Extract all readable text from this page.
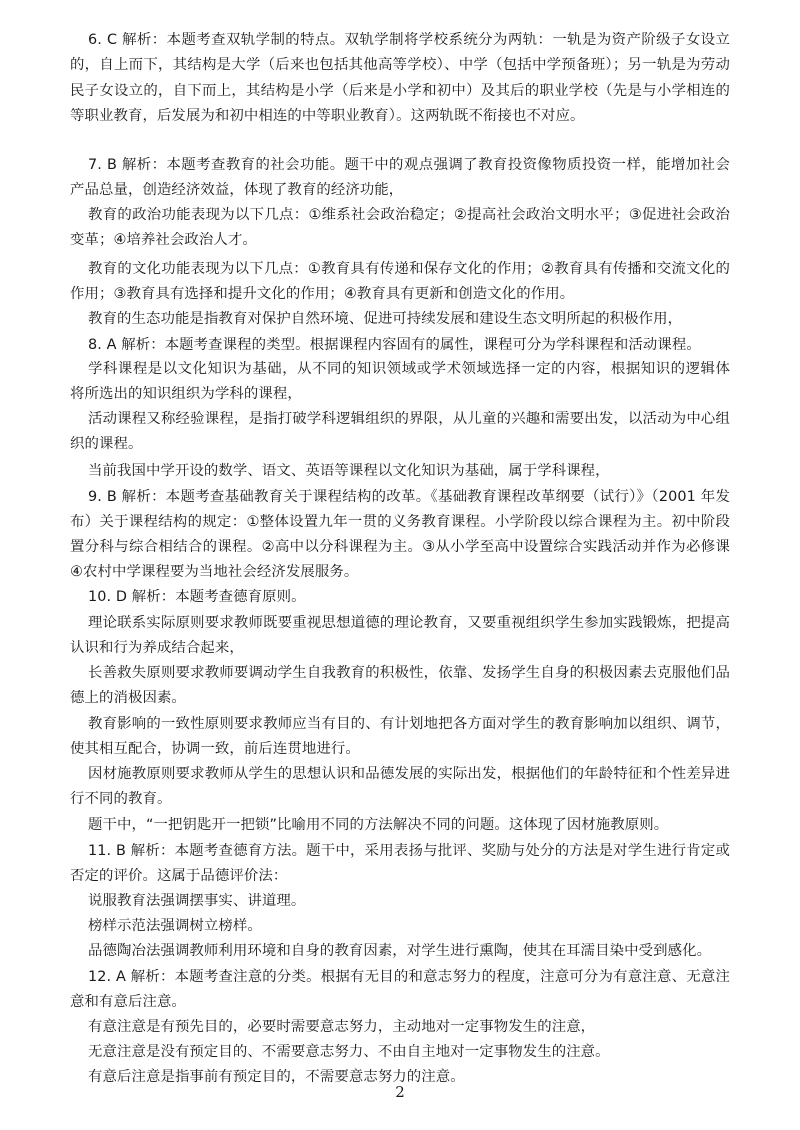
6. C 解析：本题考查双轨学制的特点。双轨学制将学校系统分为两轨：一轨是为资产阶级子女设立
的，自上而下，其结构是大学（后来也包括其他高等学校）、中学（包括中学预备班）；另一轨是为劳动
民子女设立的，自下而上，其结构是小学（后来是小学和初中）及其后的职业学校（先是与小学相连的
等职业教育，后发展为和初中相连的中等职业教育）。这两轨既不衔接也不对应。
7. B 解析：本题考查教育的社会功能。题干中的观点强调了教育投资像物质投资一样，能增加社会
产品总量，创造经济效益，体现了教育的经济功能，
教育的政治功能表现为以下几点：①维系社会政治稳定；②提高社会政治文明水平；③促进社会政治
变革；④培养社会政治人才。
教育的文化功能表现为以下几点：①教育具有传递和保存文化的作用；②教育具有传播和交流文化的
作用；③教育具有选择和提升文化的作用；④教育具有更新和创造文化的作用。
教育的生态功能是指教育对保护自然环境、促进可持续发展和建设生态文明所起的积极作用，
8. A 解析：本题考查课程的类型。根据课程内容固有的属性，课程可分为学科课程和活动课程。
学科课程是以文化知识为基础，从不同的知识领域或学术领域选择一定的内容，根据知识的逻辑体
将所选出的知识组织为学科的课程，
活动课程又称经验课程，是指打破学科逻辑组织的界限，从儿童的兴趣和需要出发，以活动为中心组
织的课程。
当前我国中学开设的数学、语文、英语等课程以文化知识为基础，属于学科课程，
9. B 解析：本题考查基础教育关于课程结构的改革。《基础教育课程改革纲要（试行）》（2001 年发
布）关于课程结构的规定：①整体设置九年一贯的义务教育课程。小学阶段以综合课程为主。初中阶段
置分科与综合相结合的课程。②高中以分科课程为主。③从小学至高中设置综合实践活动并作为必修课
④农村中学课程要为当地社会经济发展服务。
10. D 解析：本题考查德育原则。
理论联系实际原则要求教师既要重视思想道德的理论教育，又要重视组织学生参加实践锻炼，把提高
认识和行为养成结合起来，
长善救失原则要求教师要调动学生自我教育的积极性，依靠、发扬学生自身的积极因素去克服他们品
德上的消极因素。
教育影响的一致性原则要求教师应当有目的、有计划地把各方面对学生的教育影响加以组织、调节，
使其相互配合，协调一致，前后连贯地进行。
因材施教原则要求教师从学生的思想认识和品德发展的实际出发，根据他们的年龄特征和个性差异进
行不同的教育。
题干中，“一把钥匙开一把锁”比喻用不同的方法解决不同的问题。这体现了因材施教原则。
11. B 解析：本题考查德育方法。题干中，采用表扬与批评、奖励与处分的方法是对学生进行肯定或
否定的评价。这属于品德评价法：
说服教育法强调摆事实、讲道理。
榜样示范法强调树立榜样。
品德陶冶法强调教师利用环境和自身的教育因素，对学生进行熏陶，使其在耳濡目染中受到感化。
12. A 解析：本题考查注意的分类。根据有无目的和意志努力的程度，注意可分为有意注意、无意注
意和有意后注意。
有意注意是有预先目的，必要时需要意志努力，主动地对一定事物发生的注意，
无意注意是没有预定目的、不需要意志努力、不由自主地对一定事物发生的注意。
有意后注意是指事前有预定目的，不需要意志努力的注意。
2
